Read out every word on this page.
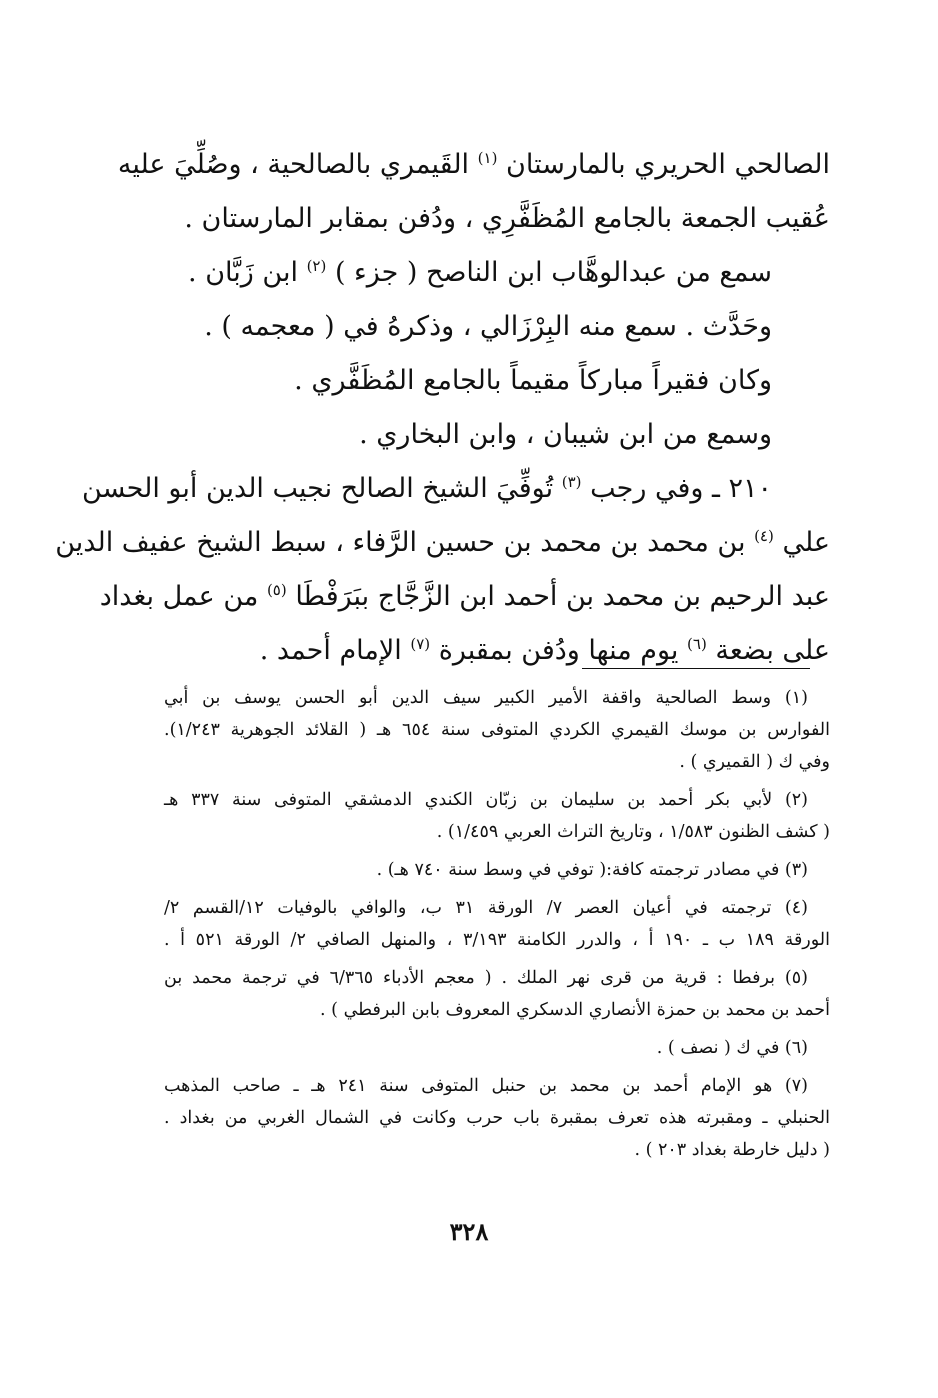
الصالحي الحريري بالمارستان $^{(١)}$ القَيمري بالصالحية ، وصُلِّيَ عليه
عُقيب الجمعة بالجامع المُظَفَّرِي ، ودُفن بمقابر المارستان .
سمع من عبدالوهَّاب ابن الناصح ( جزء ) $^{(٢)}$ ابن زَبَّان .
وحَدَّث . سمع منه البِرْزَالي ، وذكرهُ في ( معجمه ) .
وكان فقيراً مباركاً مقيماً بالجامع المُظَفَّري .
وسمع من ابن شيبان ، وابن البخاري .
٢١٠ ـ وفي رجب $^{(٣)}$ تُوفِّيَ الشيخ الصالح نجيب الدين أبو الحسن
علي $^{(٤)}$ بن محمد بن محمد بن حسين الرَّفاء ، سبط الشيخ عفيف الدين
عبد الرحيم بن محمد بن أحمد ابن الزَّجَّاج ببَرَفْطَا $^{(٥)}$ من عمل بغداد
على بضعة $^{(٦)}$ يوم منها ودُفن بمقبرة $^{(٧)}$ الإمام أحمد .
(١) وسط الصالحية واقفة الأمير الكبير سيف الدين أبو الحسن يوسف بن أبي
الفوارس بن موسك القيمري الكردي المتوفى سنة ٦٥٤ هـ ( القلائد الجوهرية ١/٢٤٣).
وفي ك ( القميري ) .
(٢) لأبي بكر أحمد بن سليمان بن زبّان الكندي الدمشقي المتوفى سنة ٣٣٧ هـ
( كشف الظنون ١/٥٨٣ ، وتاريخ التراث العربي ١/٤٥٩) .
(٣) في مصادر ترجمته كافة:( توفي في وسط سنة ٧٤٠ هـ) .
(٤) ترجمته في أعيان العصر ٧/ الورقة ٣١ ب، والوافي بالوفيات ١٢/القسم ٢/
الورقة ١٨٩ ب ـ ١٩٠ أ ، والدرر الكامنة ٣/١٩٣ ، والمنهل الصافي ٢/ الورقة ٥٢١ أ .
(٥) برفطا : قرية من قرى نهر الملك . ( معجم الأدباء ٦/٣٦٥ في ترجمة محمد بن
أحمد بن محمد بن حمزة الأنصاري الدسكري المعروف بابن البرفطي ) .
(٦) في ك ( نصف ) .
(٧) هو الإمام أحمد بن محمد بن حنبل المتوفى سنة ٢٤١ هـ ـ صاحب المذهب
الحنبلي ـ ومقبرته هذه تعرف بمقبرة باب حرب وكانت في الشمال الغربي من بغداد .
( دليل خارطة بغداد ٢٠٣ ) .
٣٢٨
